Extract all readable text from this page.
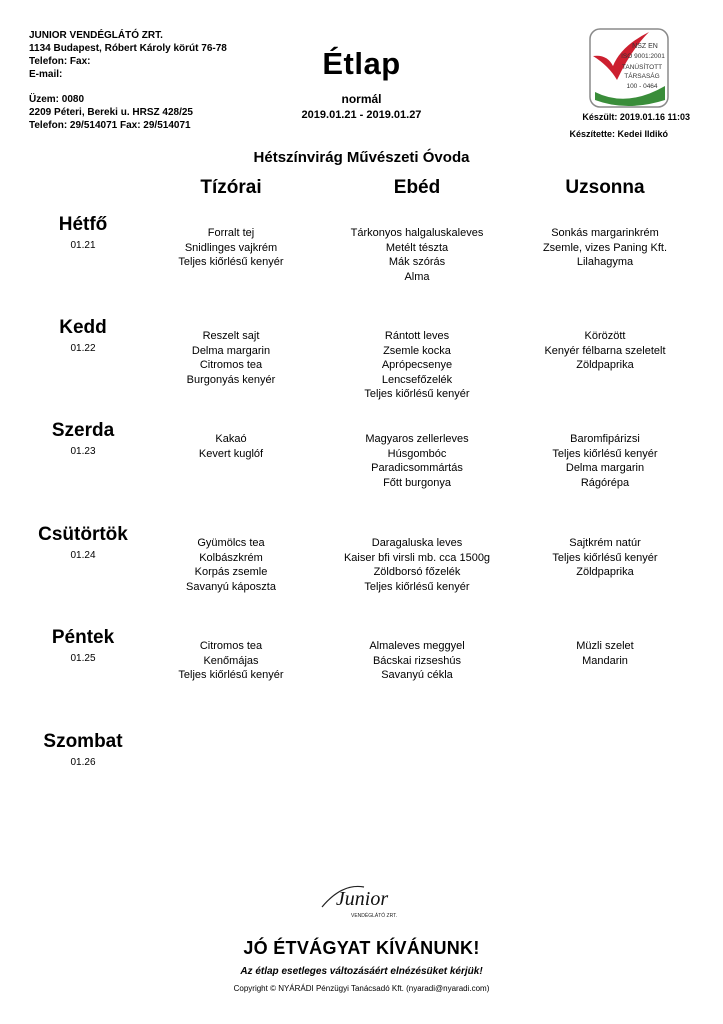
JUNIOR VENDÉGLÁTÓ ZRT.
1134 Budapest, Róbert Károly körút 76-78
Telefon: Fax:
E-mail:
Üzem: 0080
2209 Péteri, Bereki u. HRSZ 428/25
Telefon: 29/514071 Fax: 29/514071
Étlap
normál
2019.01.21 - 2019.01.27
NSZ EN
ISO 9001:2001
TANÚSÍTOTT
TÁRSASÁG
100 - 0464
Készült: 2019.01.16 11:03
Készítette: Kedei Ildikó
Hétszínvirág Művészeti Óvoda
Tízórai	Ebéd	Uzsonna
Hétfő
01.21
Forralt tej
Snidlinges vajkrém
Teljes kiőrlésű kenyér
Tárkonyos halgaluskaleves
Metélt tészta
Mák szórás
Alma
Sonkás margarinkrém
Zsemle, vizes Paning Kft.
Lilahagyma
Kedd
01.22
Reszelt sajt
Delma margarin
Citromos tea
Burgonyás kenyér
Rántott leves
Zsemle kocka
Aprópecsenye
Lencsefőzelék
Teljes kiőrlésű kenyér
Körözött
Kenyér félbarna szeletelt
Zöldpaprika
Szerda
01.23
Kakaó
Kevert kuglóf
Magyaros zellerleves
Húsgombóc
Paradicsommártás
Főtt burgonya
Baromfipárizsi
Teljes kiőrlésű kenyér
Delma margarin
Rágórépa
Csütörtök
01.24
Gyümölcs tea
Kolbászkrém
Korpás zsemle
Savanyú káposzta
Daragaluska leves
Kaiser bfi virsli mb. cca 1500g
Zöldborsó főzelék
Teljes kiőrlésű kenyér
Sajtkrém natúr
Teljes kiőrlésű kenyér
Zöldpaprika
Péntek
01.25
Citromos tea
Kenőmájas
Teljes kiőrlésű kenyér
Almaleves meggyel
Bácskai rizseshús
Savanyú cékla
Müzli szelet
Mandarin
Szombat
01.26
Junior
VENDÉGLÁTÓ ZRT.
JÓ ÉTVÁGYAT KÍVÁNUNK!
Az étlap esetleges változásáért elnézésüket kérjük!
Copyright © NYÁRÁDI Pénzügyi Tanácsadó Kft. (nyaradi@nyaradi.com)
